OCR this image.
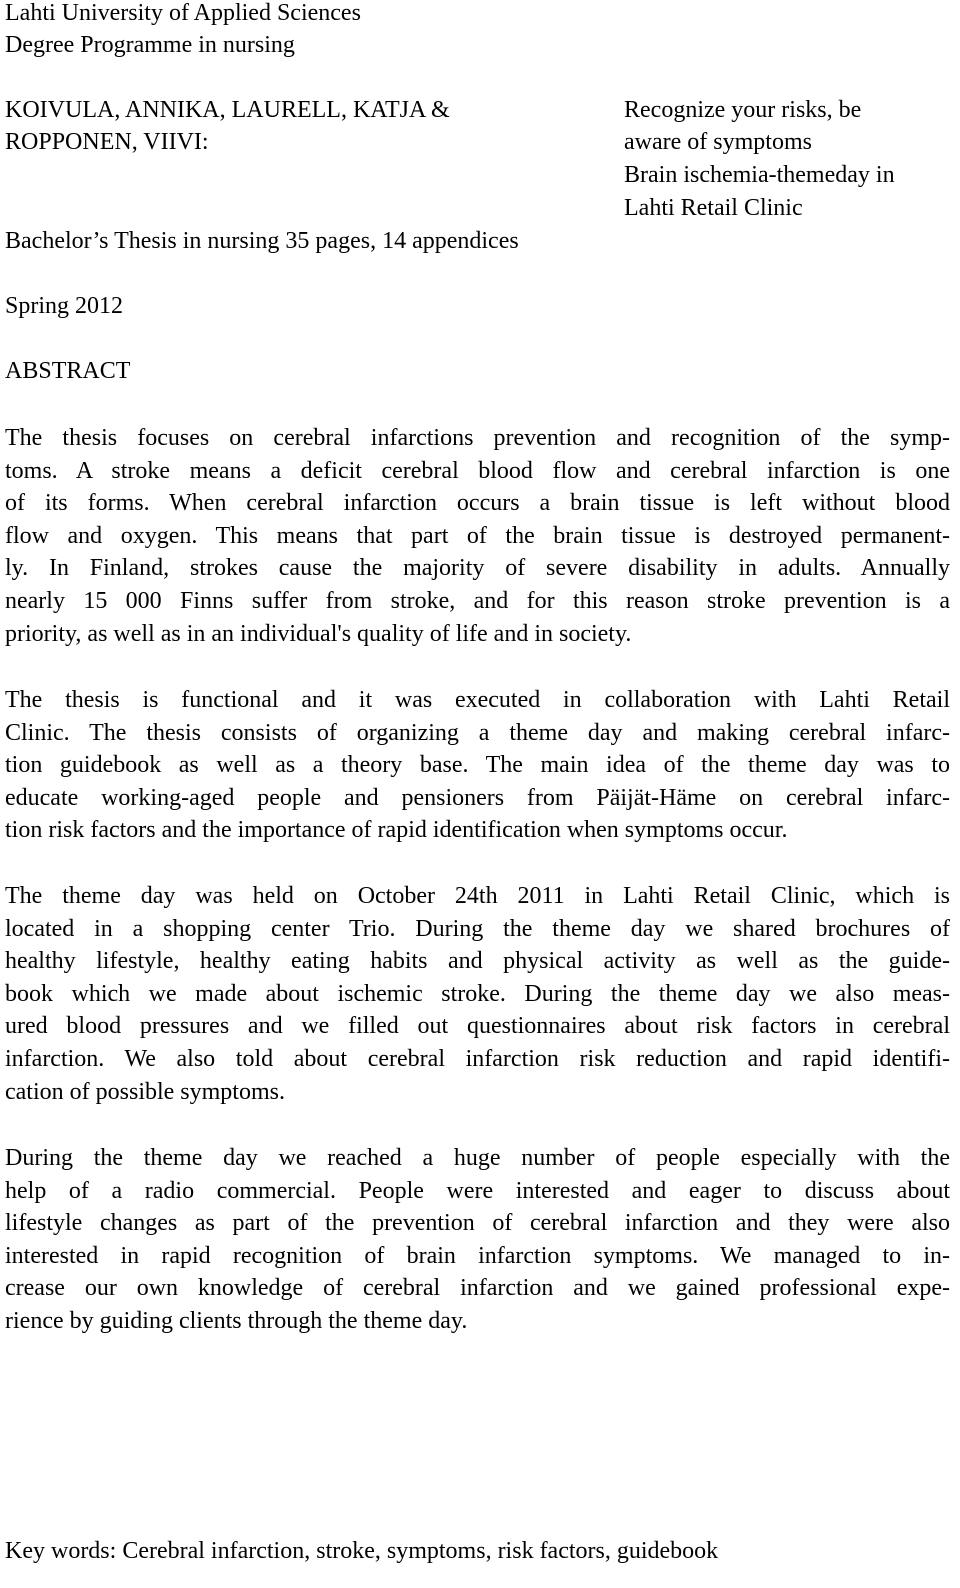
Lahti University of Applied Sciences
Degree Programme in nursing
KOIVULA, ANNIKA, LAURELL, KATJA &
ROPPONEN, VIIVI:
Recognize your risks, be
aware of symptoms
Brain ischemia-themeday in
Lahti Retail Clinic
Bachelor’s Thesis in nursing 35 pages, 14 appendices
Spring 2012
ABSTRACT
The thesis focuses on cerebral infarctions prevention and recognition of the symp-
toms. A stroke means a deficit cerebral blood flow and cerebral infarction is one
of its forms. When cerebral infarction occurs a brain tissue is left without blood
flow and oxygen. This means that part of the brain tissue is destroyed permanent-
ly. In Finland, strokes cause the majority of severe disability in adults. Annually
nearly 15 000 Finns suffer from stroke, and for this reason stroke prevention is a
priority, as well as in an individual's quality of life and in society.
The thesis is functional and it was executed in collaboration with Lahti Retail
Clinic. The thesis consists of organizing a theme day and making cerebral infarc-
tion guidebook as well as a theory base. The main idea of the theme day was to
educate working-aged people and pensioners from Päijät-Häme on cerebral infarc-
tion risk factors and the importance of rapid identification when symptoms occur.
The theme day was held on October 24th 2011 in Lahti Retail Clinic, which is
located in a shopping center Trio. During the theme day we shared brochures of
healthy lifestyle, healthy eating habits and physical activity as well as the guide-
book which we made about ischemic stroke. During the theme day we also meas-
ured blood pressures and we filled out questionnaires about risk factors in cerebral
infarction. We also told about cerebral infarction risk reduction and rapid identifi-
cation of possible symptoms.
During the theme day we reached a huge number of people especially with the
help of a radio commercial. People were interested and eager to discuss about
lifestyle changes as part of the prevention of cerebral infarction and they were also
interested in rapid recognition of brain infarction symptoms. We managed to in-
crease our own knowledge of cerebral infarction and we gained professional expe-
rience by guiding clients through the theme day.
Key words: Cerebral infarction, stroke, symptoms, risk factors, guidebook
